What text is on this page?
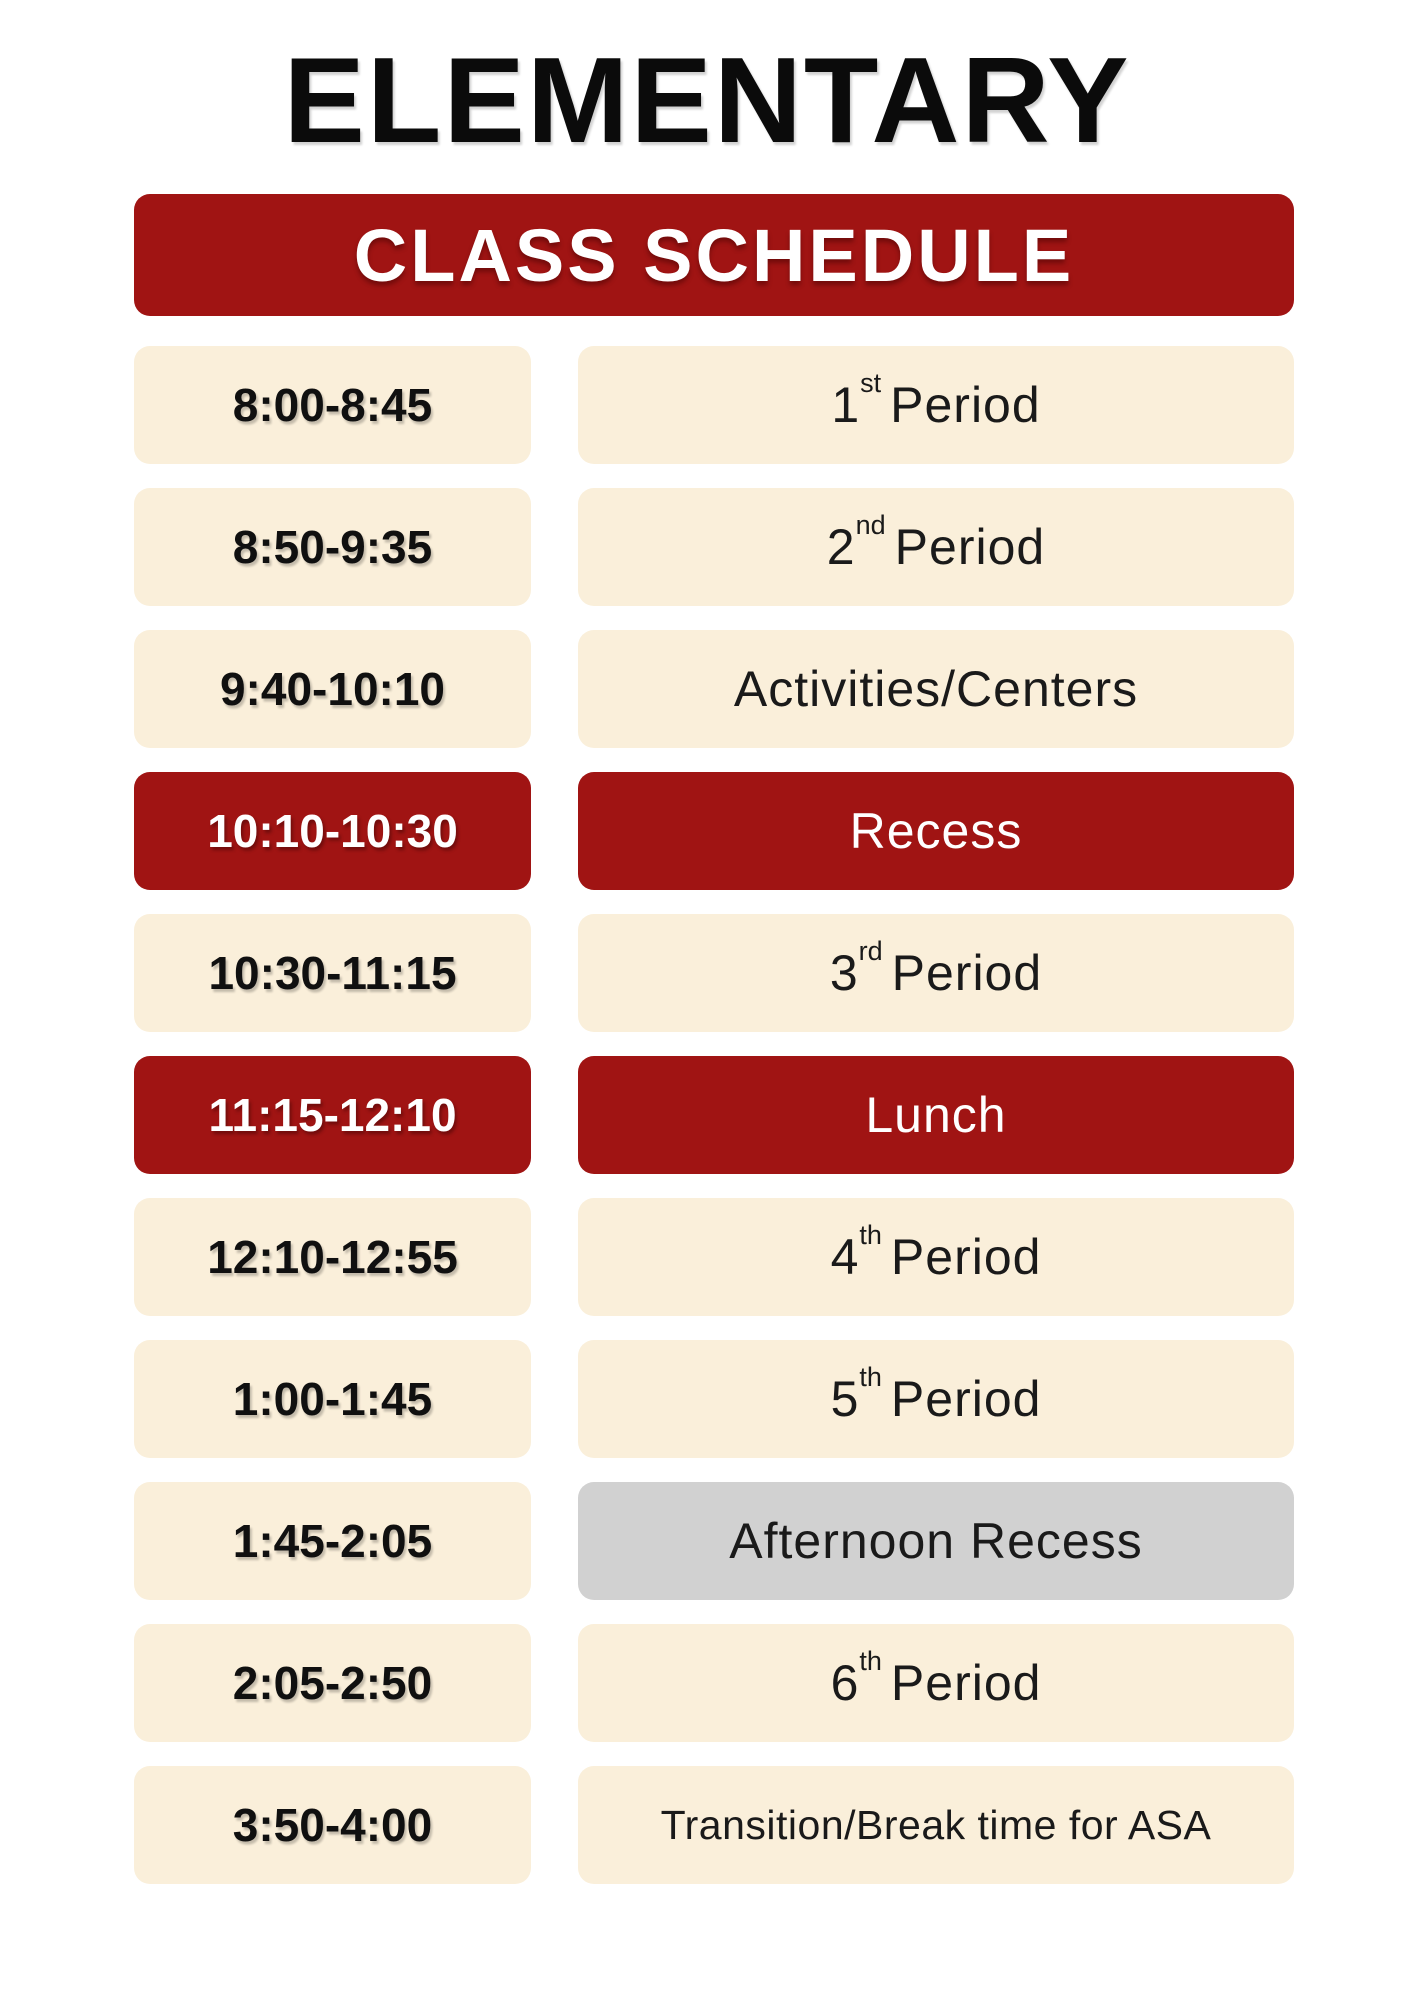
ELEMENTARY
CLASS SCHEDULE
8:00-8:45	1st Period
8:50-9:35	2nd Period
9:40-10:10	Activities/Centers
10:10-10:30	Recess
10:30-11:15	3rd Period
11:15-12:10	Lunch
12:10-12:55	4th Period
1:00-1:45	5th Period
1:45-2:05	Afternoon Recess
2:05-2:50	6th Period
3:50-4:00	Transition/Break time for ASA
